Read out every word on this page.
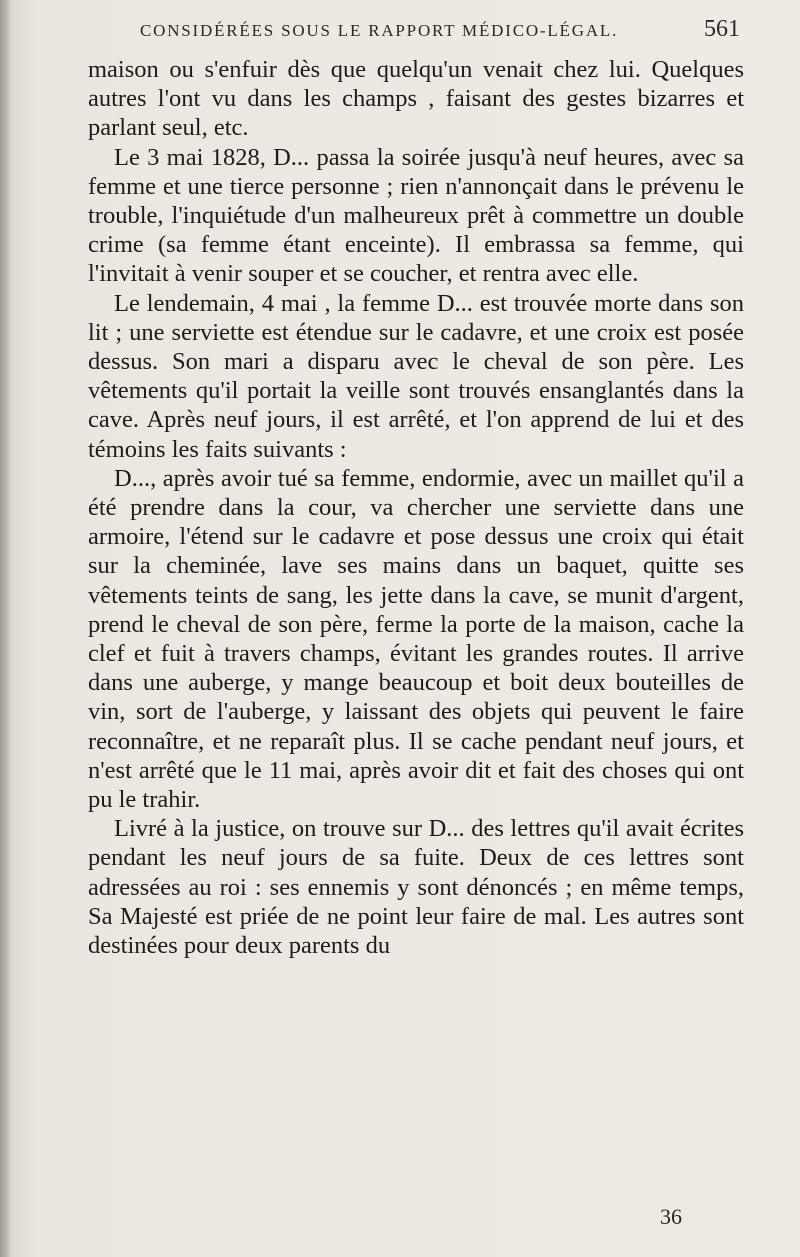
CONSIDÉRÉES SOUS LE RAPPORT MÉDICO-LÉGAL.	561

maison ou s'enfuir dès que quelqu'un venait chez lui. Quelques autres l'ont vu dans les champs , faisant des gestes bizarres et parlant seul, etc.

Le 3 mai 1828, D... passa la soirée jusqu'à neuf heures, avec sa femme et une tierce personne ; rien n'annonçait dans le prévenu le trouble, l'inquiétude d'un malheureux prêt à commettre un double crime (sa femme étant enceinte). Il embrassa sa femme, qui l'invitait à venir souper et se coucher, et rentra avec elle.

Le lendemain, 4 mai , la femme D... est trouvée morte dans son lit ; une serviette est étendue sur le cadavre, et une croix est posée dessus. Son mari a disparu avec le cheval de son père. Les vêtements qu'il portait la veille sont trouvés ensanglantés dans la cave. Après neuf jours, il est arrêté, et l'on apprend de lui et des témoins les faits suivants :

D..., après avoir tué sa femme, endormie, avec un maillet qu'il a été prendre dans la cour, va chercher une serviette dans une armoire, l'étend sur le cadavre et pose dessus une croix qui était sur la cheminée, lave ses mains dans un baquet, quitte ses vêtements teints de sang, les jette dans la cave, se munit d'argent, prend le cheval de son père, ferme la porte de la maison, cache la clef et fuit à travers champs, évitant les grandes routes. Il arrive dans une auberge, y mange beaucoup et boit deux bouteilles de vin, sort de l'auberge, y laissant des objets qui peuvent le faire reconnaître, et ne reparaît plus. Il se cache pendant neuf jours, et n'est arrêté que le 11 mai, après avoir dit et fait des choses qui ont pu le trahir.

Livré à la justice, on trouve sur D... des lettres qu'il avait écrites pendant les neuf jours de sa fuite. Deux de ces lettres sont adressées au roi : ses ennemis y sont dénoncés ; en même temps, Sa Majesté est priée de ne point leur faire de mal. Les autres sont destinées pour deux parents du

36
